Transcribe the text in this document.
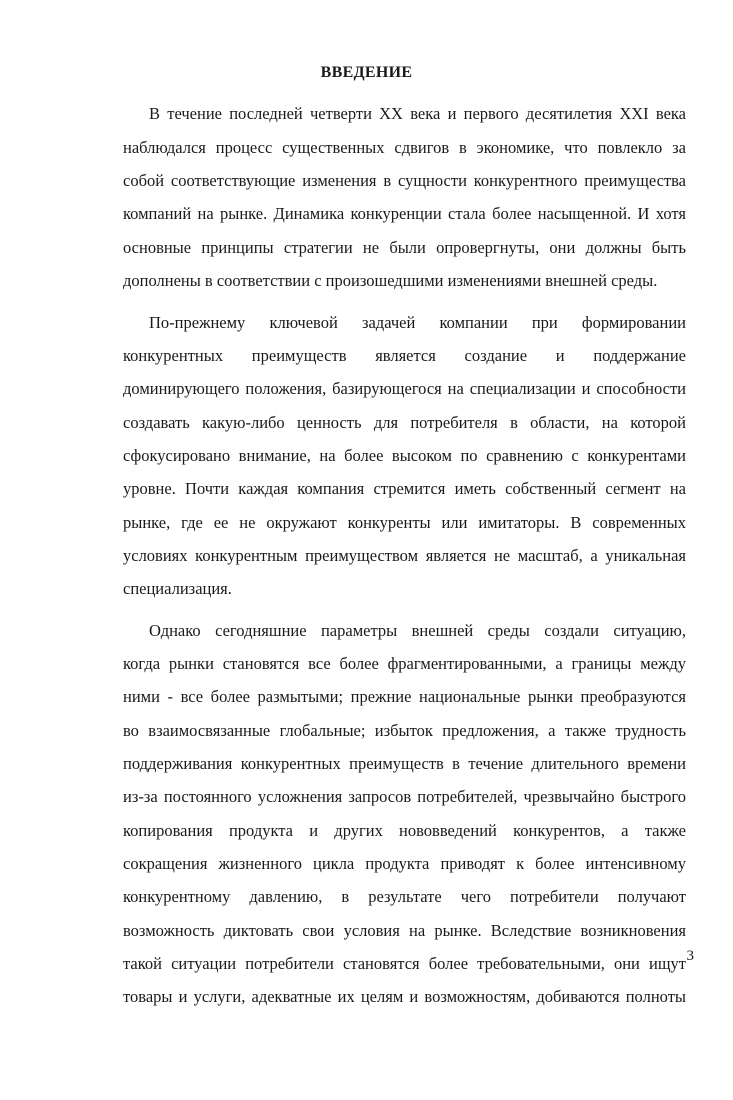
ВВЕДЕНИЕ
В течение последней четверти XX века и первого десятилетия XXI века
наблюдался процесс существенных сдвигов в экономике, что повлекло за
собой соответствующие изменения в сущности конкурентного преимущества
компаний на рынке. Динамика конкуренции стала более насыщенной. И хотя
основные принципы стратегии не были опровергнуты, они должны быть
дополнены в соответствии с произошедшими изменениями внешней среды.
По-прежнему ключевой задачей компании при формировании
конкурентных преимуществ является создание и поддержание
доминирующего положения, базирующегося на специализации и способности
создавать какую-либо ценность для потребителя в области, на которой
сфокусировано внимание, на более высоком по сравнению с конкурентами
уровне. Почти каждая компания стремится иметь собственный сегмент на
рынке, где ее не окружают конкуренты или имитаторы. В современных
условиях конкурентным преимуществом является не масштаб, а уникальная
специализация.
Однако сегодняшние параметры внешней среды создали ситуацию,
когда рынки становятся все более фрагментированными, а границы между
ними - все более размытыми; прежние национальные рынки преобразуются
во взаимосвязанные глобальные; избыток предложения, а также трудность
поддерживания конкурентных преимуществ в течение длительного времени
из-за постоянного усложнения запросов потребителей, чрезвычайно быстрого
копирования продукта и других нововведений конкурентов, а также
сокращения жизненного цикла продукта приводят к более интенсивному
конкурентному давлению, в результате чего потребители получают
возможность диктовать свои условия на рынке. Вследствие возникновения
такой ситуации потребители становятся более требовательными, они ищут
товары и услуги, адекватные их целям и возможностям, добиваются полноты
3
